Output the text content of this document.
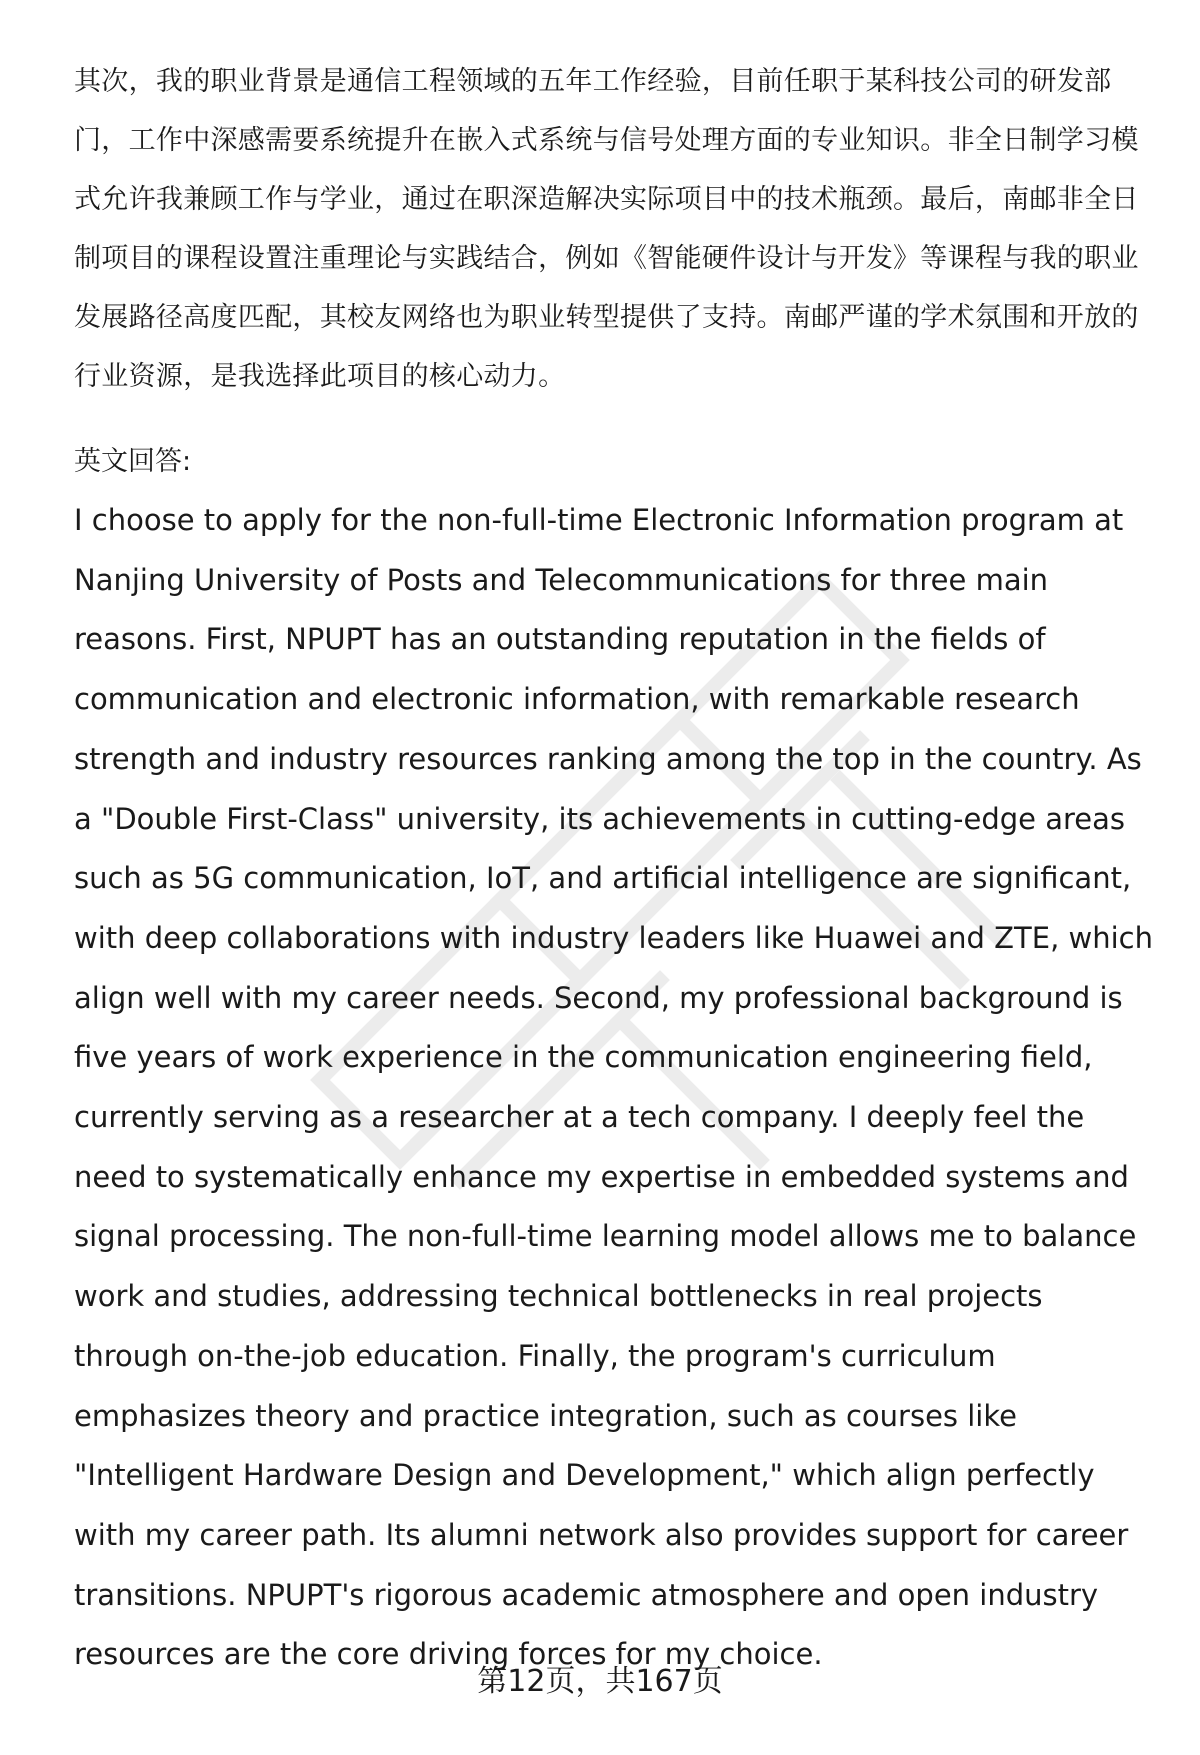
其次，我的职业背景是通信工程领域的五年工作经验，目前任职于某科技公司的研发部门，工作中深感需要系统提升在嵌入式系统与信号处理方面的专业知识。非全日制学习模式允许我兼顾工作与学业，通过在职深造解决实际项目中的技术瓶颈。最后，南邮非全日制项目的课程设置注重理论与实践结合，例如《智能硬件设计与开发》等课程与我的职业发展路径高度匹配，其校友网络也为职业转型提供了支持。南邮严谨的学术氛围和开放的行业资源，是我选择此项目的核心动力。

英文回答:

I choose to apply for the non-full-time Electronic Information program at Nanjing University of Posts and Telecommunications for three main reasons. First, NPUPT has an outstanding reputation in the fields of communication and electronic information, with remarkable research strength and industry resources ranking among the top in the country. As a "Double First-Class" university, its achievements in cutting-edge areas such as 5G communication, IoT, and artificial intelligence are significant, with deep collaborations with industry leaders like Huawei and ZTE, which align well with my career needs. Second, my professional background is five years of work experience in the communication engineering field, currently serving as a researcher at a tech company. I deeply feel the need to systematically enhance my expertise in embedded systems and signal processing. The non-full-time learning model allows me to balance work and studies, addressing technical bottlenecks in real projects through on-the-job education. Finally, the program's curriculum emphasizes theory and practice integration, such as courses like "Intelligent Hardware Design and Development," which align perfectly with my career path. Its alumni network also provides support for career transitions. NPUPT's rigorous academic atmosphere and open industry resources are the core driving forces for my choice.

第12页，共167页
